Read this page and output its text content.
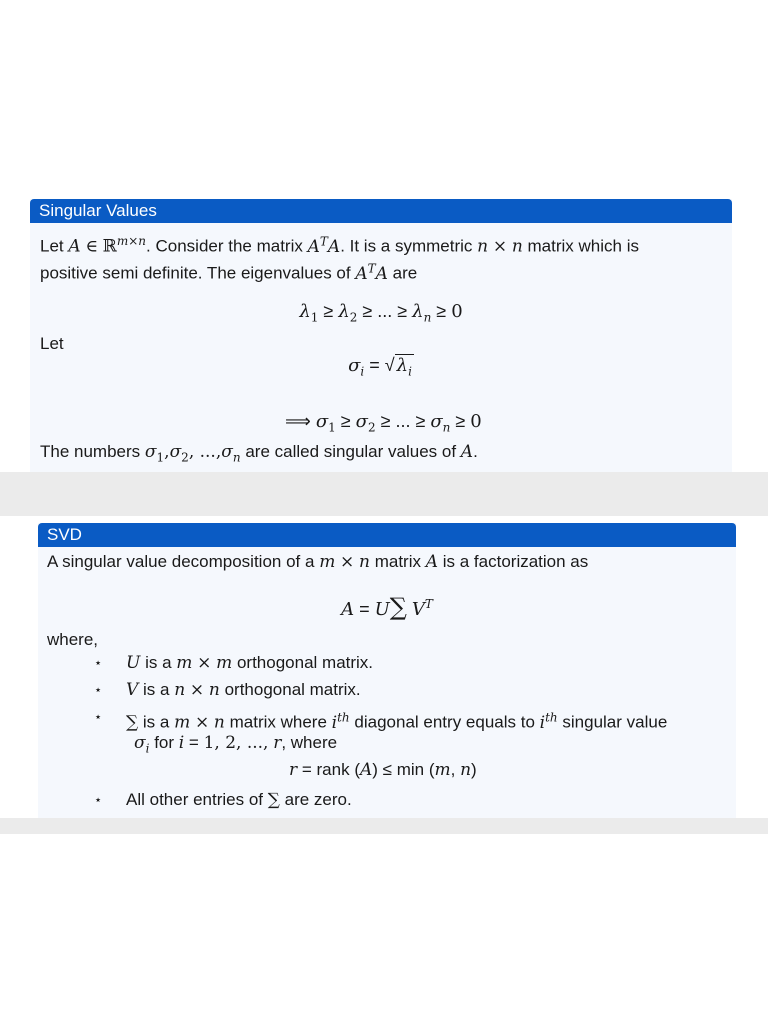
Singular Values
Let A ∈ ℝ$^{m\times n}$. Consider the matrix $A^TA$. It is a symmetric n × n matrix which is
positive semi definite. The eigenvalues of $A^TA$ are
$\lambda_1 \ge \lambda_2$ ≥ ... ≥ $\lambda_n \ge 0$
Let
$\sigma_i$ = √ $\lambda_i$
⟹ $\sigma_1 \ge \sigma_2$ ≥ ... ≥ $\sigma_n \ge 0$
The numbers $\sigma_1,\sigma_2$, $...,\sigma_n$ are called singular values of A.
SVD
A singular value decomposition of a m × n matrix A is a factorization as
A = U∑ $V^T$
where,
⋆ U is a m × m orthogonal matrix.
⋆ V is a n × n orthogonal matrix.
⋆ ∑ is a m × n matrix where $i^{th}$ diagonal entry equals to $i^{th}$ singular value
$\sigma_i$ for i = 1, 2, ..., r, where
r = rank (A) ≤ min (m, n)
⋆ All other entries of ∑ are zero.
